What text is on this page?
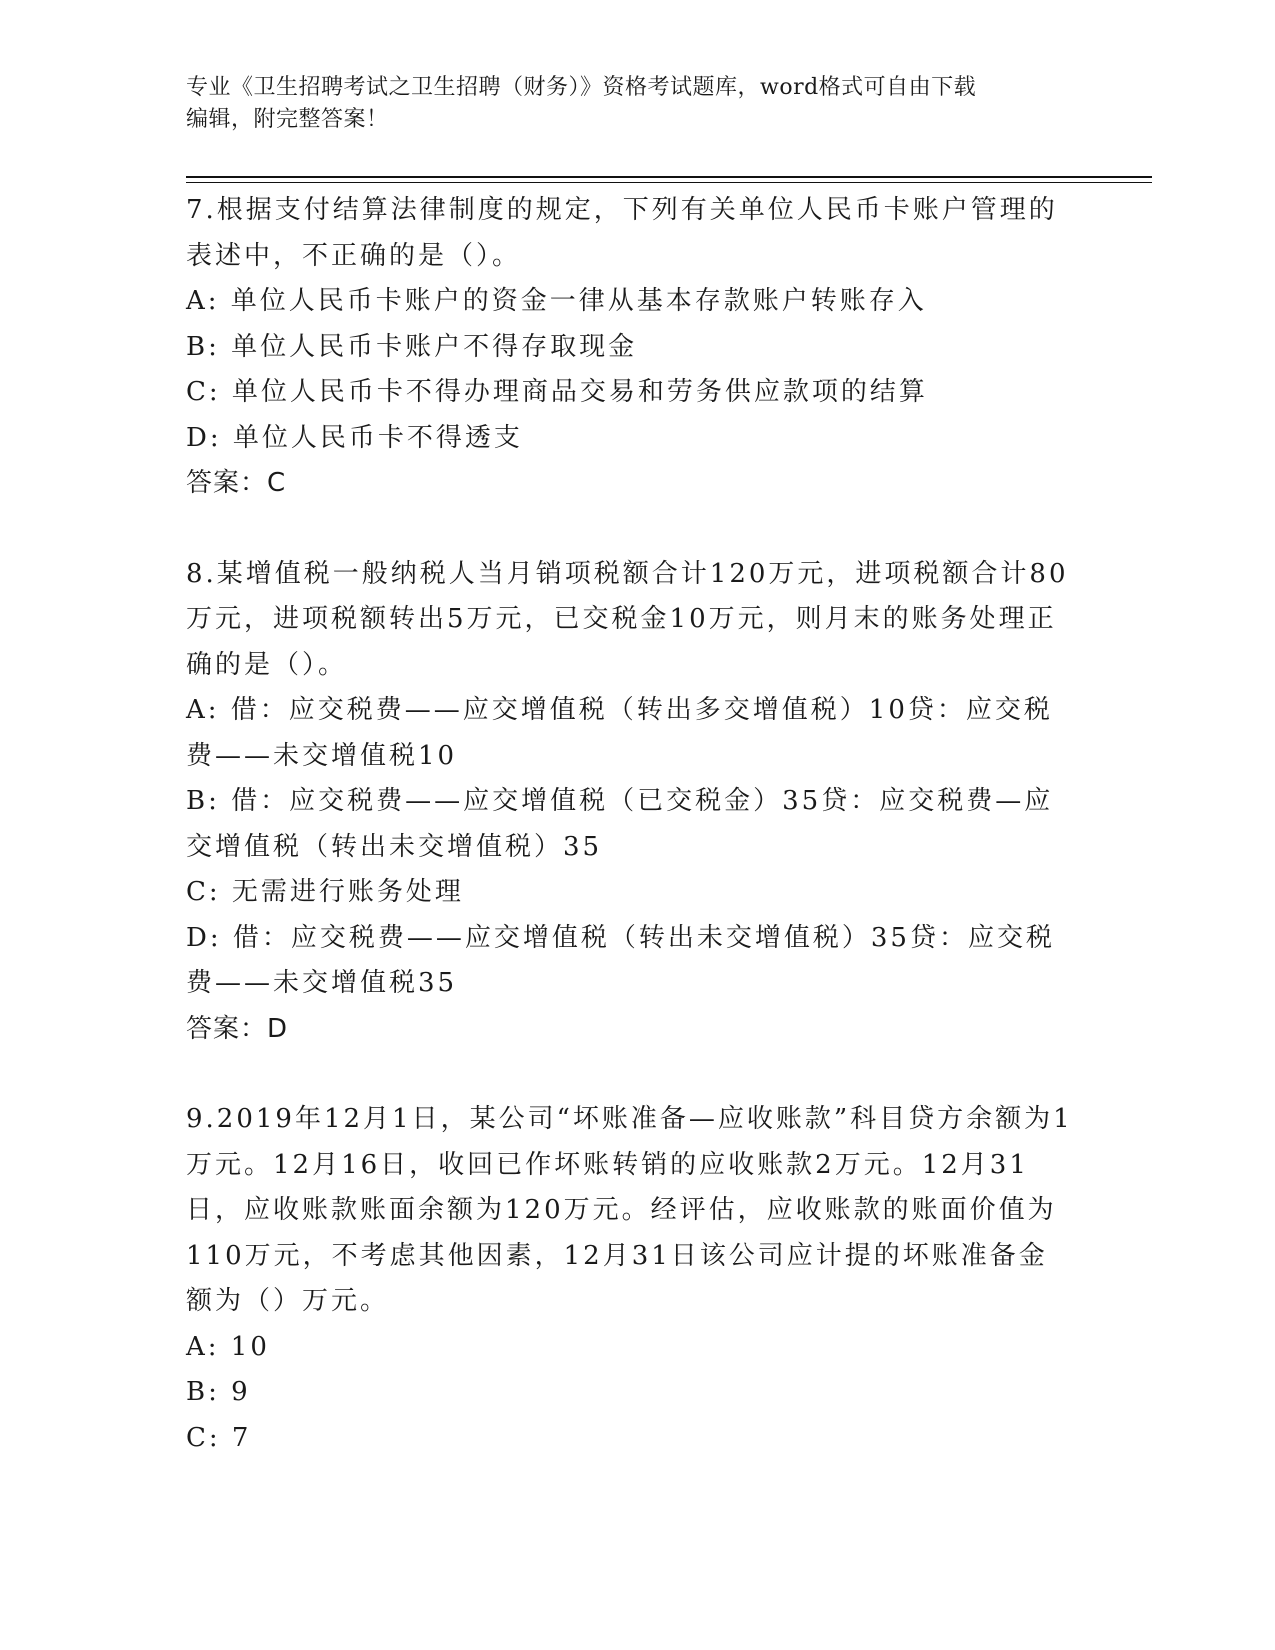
专业《卫生招聘考试之卫生招聘（财务）》资格考试题库，word格式可自由下载
编辑，附完整答案！

7.根据支付结算法律制度的规定，下列有关单位人民币卡账户管理的表述中，不正确的是（）。

A: 单位人民币卡账户的资金一律从基本存款账户转账存入

B: 单位人民币卡账户不得存取现金

C: 单位人民币卡不得办理商品交易和劳务供应款项的结算

D: 单位人民币卡不得透支

答案：C

8.某增值税一般纳税人当月销项税额合计120万元，进项税额合计80万元，进项税额转出5万元，已交税金10万元，则月末的账务处理正确的是（）。

A: 借：应交税费——应交增值税（转出多交增值税）10贷：应交税费——未交增值税10

B: 借：应交税费——应交增值税（已交税金）35贷：应交税费—应交增值税（转出未交增值税）35

C: 无需进行账务处理

D: 借：应交税费——应交增值税（转出未交增值税）35贷：应交税费——未交增值税35

答案：D

9.2019年12月1日，某公司“坏账准备—应收账款”科目贷方余额为1万元。12月16日，收回已作坏账转销的应收账款2万元。12月31日，应收账款账面余额为120万元。经评估，应收账款的账面价值为110万元，不考虑其他因素，12月31日该公司应计提的坏账准备金额为（）万元。

A: 10

B: 9

C: 7
